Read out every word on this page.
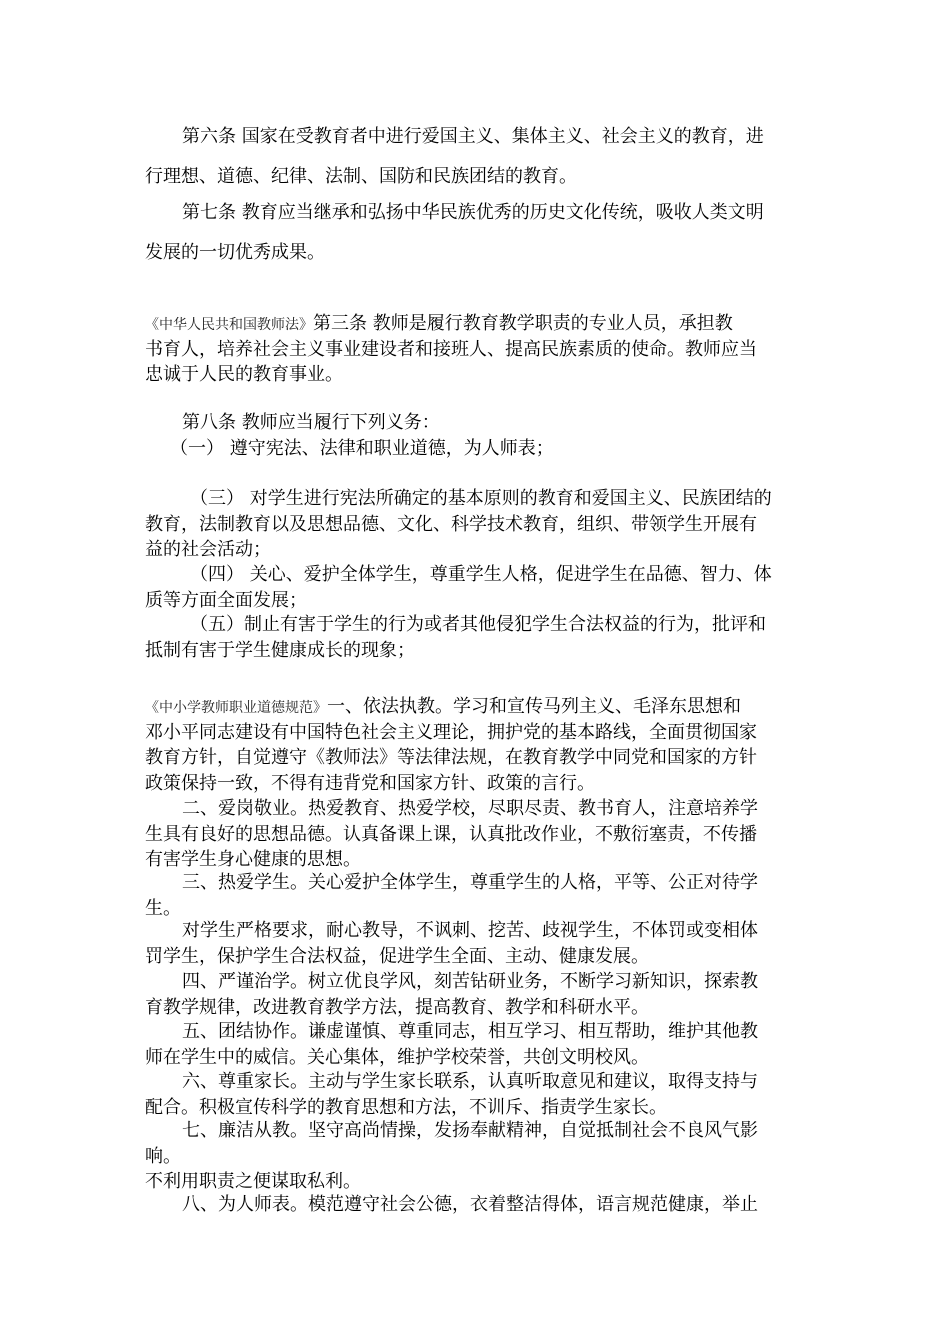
第六条 国家在受教育者中进行爱国主义、集体主义、社会主义的教育，进
行理想、道德、纪律、法制、国防和民族团结的教育。
第七条 教育应当继承和弘扬中华民族优秀的历史文化传统，吸收人类文明
发展的一切优秀成果。
《中华人民共和国教师法》第三条 教师是履行教育教学职责的专业人员，承担教
书育人，培养社会主义事业建设者和接班人、提高民族素质的使命。教师应当
忠诚于人民的教育事业。
第八条 教师应当履行下列义务：
（一） 遵守宪法、法律和职业道德，为人师表；
（三） 对学生进行宪法所确定的基本原则的教育和爱国主义、民族团结的
教育，法制教育以及思想品德、文化、科学技术教育，组织、带领学生开展有
益的社会活动；
（四） 关心、爱护全体学生，尊重学生人格，促进学生在品德、智力、体
质等方面全面发展；
（五）制止有害于学生的行为或者其他侵犯学生合法权益的行为，批评和
抵制有害于学生健康成长的现象；
《中小学教师职业道德规范》一、依法执教。学习和宣传马列主义、毛泽东思想和
邓小平同志建设有中国特色社会主义理论，拥护党的基本路线，全面贯彻国家
教育方针，自觉遵守《教师法》等法律法规，在教育教学中同党和国家的方针
政策保持一致，不得有违背党和国家方针、政策的言行。
二、爱岗敬业。热爱教育、热爱学校，尽职尽责、教书育人，注意培养学
生具有良好的思想品德。认真备课上课，认真批改作业，不敷衍塞责，不传播
有害学生身心健康的思想。
三、热爱学生。关心爱护全体学生，尊重学生的人格，平等、公正对待学
生。
对学生严格要求，耐心教导，不讽刺、挖苦、歧视学生，不体罚或变相体
罚学生，保护学生合法权益，促进学生全面、主动、健康发展。
四、严谨治学。树立优良学风，刻苦钻研业务，不断学习新知识，探索教
育教学规律，改进教育教学方法，提高教育、教学和科研水平。
五、团结协作。谦虚谨慎、尊重同志，相互学习、相互帮助，维护其他教
师在学生中的威信。关心集体，维护学校荣誉，共创文明校风。
六、尊重家长。主动与学生家长联系，认真听取意见和建议，取得支持与
配合。积极宣传科学的教育思想和方法，不训斥、指责学生家长。
七、廉洁从教。坚守高尚情操，发扬奉献精神，自觉抵制社会不良风气影
响。
不利用职责之便谋取私利。
八、为人师表。模范遵守社会公德，衣着整洁得体，语言规范健康，举止
